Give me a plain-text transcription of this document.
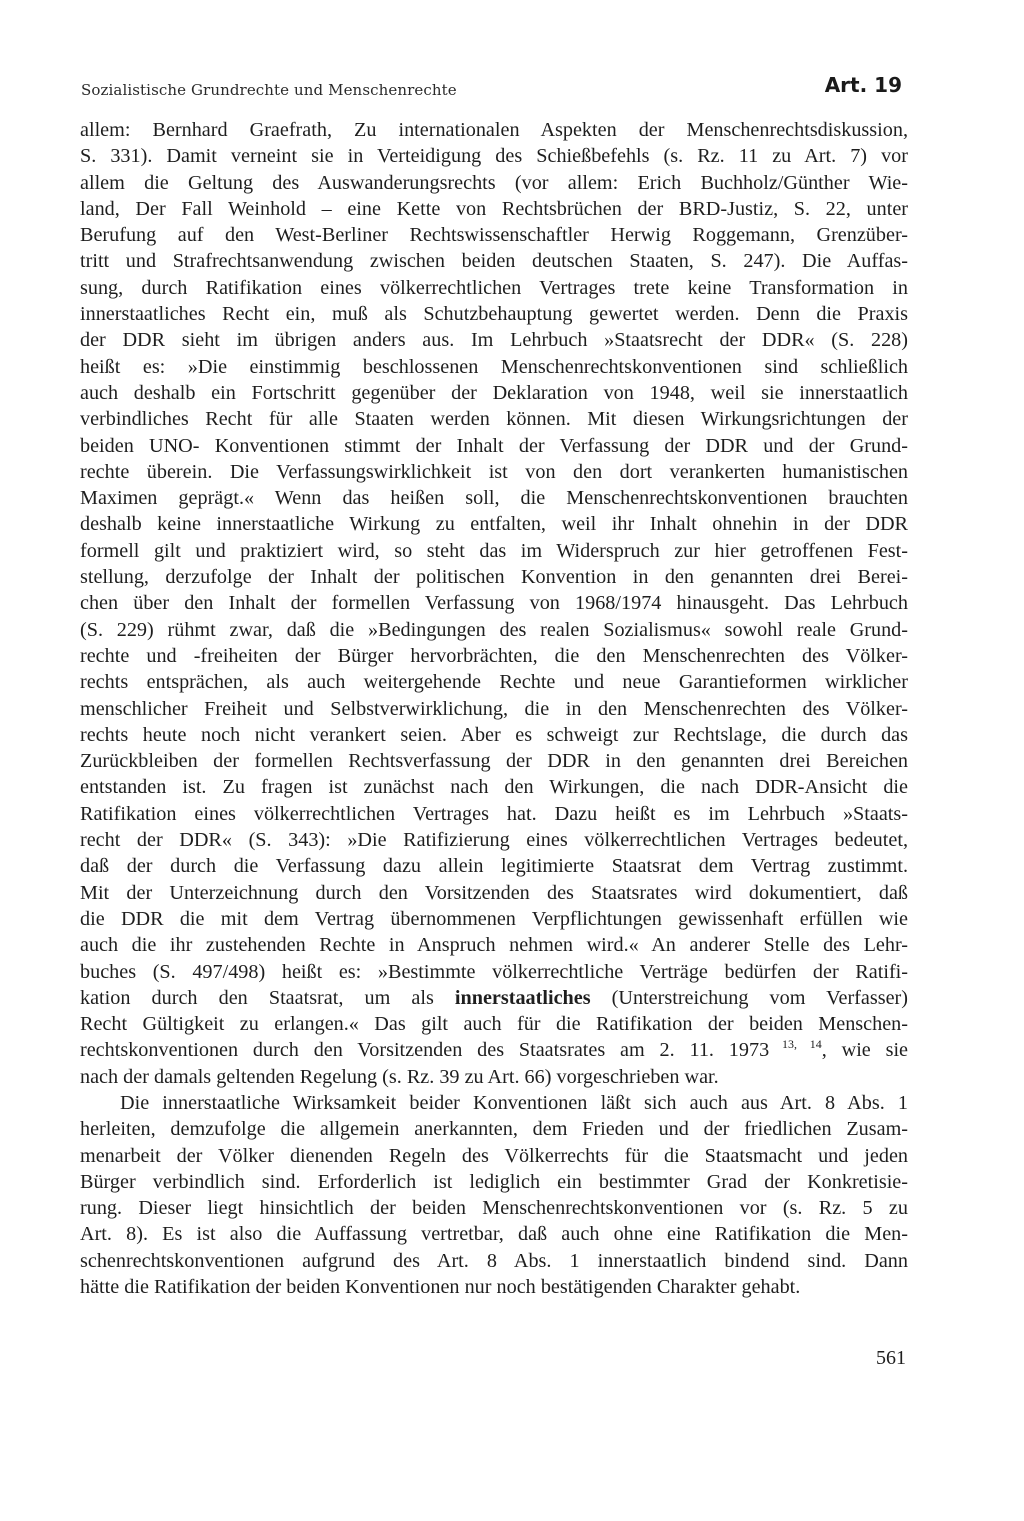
Sozialistische Grundrechte und Menschenrechte	Art. 19
allem: Bernhard Graefrath, Zu internationalen Aspekten der Menschenrechtsdiskussion,
S. 331). Damit verneint sie in Verteidigung des Schießbefehls (s. Rz. 11 zu Art. 7) vor
allem die Geltung des Auswanderungsrechts (vor allem: Erich Buchholz/Günther Wie-
land, Der Fall Weinhold – eine Kette von Rechtsbrüchen der BRD-Justiz, S. 22, unter
Berufung auf den West-Berliner Rechtswissenschaftler Herwig Roggemann, Grenzüber-
tritt und Strafrechtsanwendung zwischen beiden deutschen Staaten, S. 247). Die Auffas-
sung, durch Ratifikation eines völkerrechtlichen Vertrages trete keine Transformation in
innerstaatliches Recht ein, muß als Schutzbehauptung gewertet werden. Denn die Praxis
der DDR sieht im übrigen anders aus. Im Lehrbuch »Staatsrecht der DDR« (S. 228)
heißt es: »Die einstimmig beschlossenen Menschenrechtskonventionen sind schließlich
auch deshalb ein Fortschritt gegenüber der Deklaration von 1948, weil sie innerstaatlich
verbindliches Recht für alle Staaten werden können. Mit diesen Wirkungsrichtungen der
beiden UNO- Konventionen stimmt der Inhalt der Verfassung der DDR und der Grund-
rechte überein. Die Verfassungswirklichkeit ist von den dort verankerten humanistischen
Maximen geprägt.« Wenn das heißen soll, die Menschenrechtskonventionen brauchten
deshalb keine innerstaatliche Wirkung zu entfalten, weil ihr Inhalt ohnehin in der DDR
formell gilt und praktiziert wird, so steht das im Widerspruch zur hier getroffenen Fest-
stellung, derzufolge der Inhalt der politischen Konvention in den genannten drei Berei-
chen über den Inhalt der formellen Verfassung von 1968/1974 hinausgeht. Das Lehrbuch
(S. 229) rühmt zwar, daß die »Bedingungen des realen Sozialismus« sowohl reale Grund-
rechte und -freiheiten der Bürger hervorbrächten, die den Menschenrechten des Völker-
rechts entsprächen, als auch weitergehende Rechte und neue Garantieformen wirklicher
menschlicher Freiheit und Selbstverwirklichung, die in den Menschenrechten des Völker-
rechts heute noch nicht verankert seien. Aber es schweigt zur Rechtslage, die durch das
Zurückbleiben der formellen Rechtsverfassung der DDR in den genannten drei Bereichen
entstanden ist. Zu fragen ist zunächst nach den Wirkungen, die nach DDR-Ansicht die
Ratifikation eines völkerrechtlichen Vertrages hat. Dazu heißt es im Lehrbuch »Staats-
recht der DDR« (S. 343): »Die Ratifizierung eines völkerrechtlichen Vertrages bedeutet,
daß der durch die Verfassung dazu allein legitimierte Staatsrat dem Vertrag zustimmt.
Mit der Unterzeichnung durch den Vorsitzenden des Staatsrates wird dokumentiert, daß
die DDR die mit dem Vertrag übernommenen Verpflichtungen gewissenhaft erfüllen wie
auch die ihr zustehenden Rechte in Anspruch nehmen wird.« An anderer Stelle des Lehr-
buches (S. 497/498) heißt es: »Bestimmte völkerrechtliche Verträge bedürfen der Ratifi-
kation durch den Staatsrat, um als innerstaatliches (Unterstreichung vom Verfasser)
Recht Gültigkeit zu erlangen.« Das gilt auch für die Ratifikation der beiden Menschen-
rechtskonventionen durch den Vorsitzenden des Staatsrates am 2. 11. 1973 $^{13, 14}$, wie sie
nach der damals geltenden Regelung (s. Rz. 39 zu Art. 66) vorgeschrieben war.
Die innerstaatliche Wirksamkeit beider Konventionen läßt sich auch aus Art. 8 Abs. 1
herleiten, demzufolge die allgemein anerkannten, dem Frieden und der friedlichen Zusam-
menarbeit der Völker dienenden Regeln des Völkerrechts für die Staatsmacht und jeden
Bürger verbindlich sind. Erforderlich ist lediglich ein bestimmter Grad der Konkretisie-
rung. Dieser liegt hinsichtlich der beiden Menschenrechtskonventionen vor (s. Rz. 5 zu
Art. 8). Es ist also die Auffassung vertretbar, daß auch ohne eine Ratifikation die Men-
schenrechtskonventionen aufgrund des Art. 8 Abs. 1 innerstaatlich bindend sind. Dann
hätte die Ratifikation der beiden Konventionen nur noch bestätigenden Charakter gehabt.
561
